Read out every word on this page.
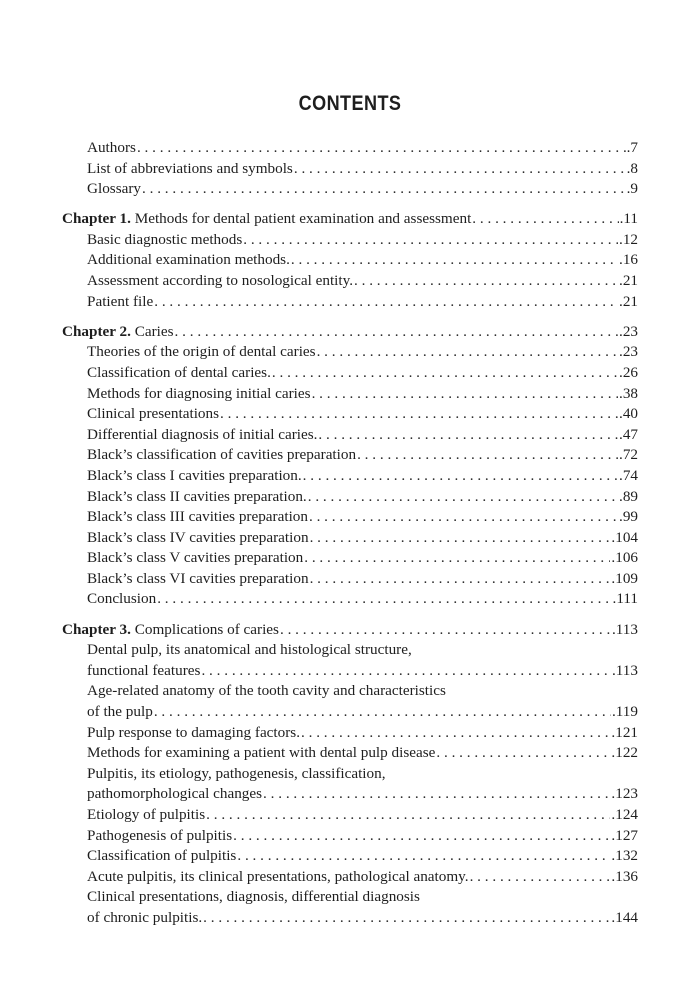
CONTENTS
Authors . . .	.7
List of abbreviations and symbols . . .	.8
Glossary . . .	.9
Chapter 1. Methods for dental patient examination and assessment . . .	.11
Basic diagnostic methods . . .	.12
Additional examination methods. . . .	.16
Assessment according to nosological entity. . . .	.21
Patient file . . .	.21
Chapter 2. Caries . . .	.23
Theories of the origin of dental caries . . .	.23
Classification of dental caries. . . .	.26
Methods for diagnosing initial caries . . .	.38
Clinical presentations . . .	.40
Differential diagnosis of initial caries. . . .	.47
Black’s classification of cavities preparation . . .	.72
Black’s class I cavities preparation. . . .	.74
Black’s class II cavities preparation. . . .	.89
Black’s class III cavities preparation . . .	.99
Black’s class IV cavities preparation . . .	.104
Black’s class V cavities preparation . . .	.106
Black’s class VI cavities preparation . . .	.109
Conclusion . . .	.111
Chapter 3. Complications of caries . . .	.113
Dental pulp, its anatomical and histological structure,
functional features . . .	.113
Age-related anatomy of the tooth cavity and characteristics
of the pulp . . .	.119
Pulp response to damaging factors. . . .	.121
Methods for examining a patient with dental pulp disease . . .	.122
Pulpitis, its etiology, pathogenesis, classification,
pathomorphological changes . . .	.123
Etiology of pulpitis . . .	.124
Pathogenesis of pulpitis . . .	.127
Classification of pulpitis . . .	.132
Acute pulpitis, its clinical presentations, pathological anatomy. . . .	.136
Clinical presentations, diagnosis, differential diagnosis
of chronic pulpitis. . . .	.144
